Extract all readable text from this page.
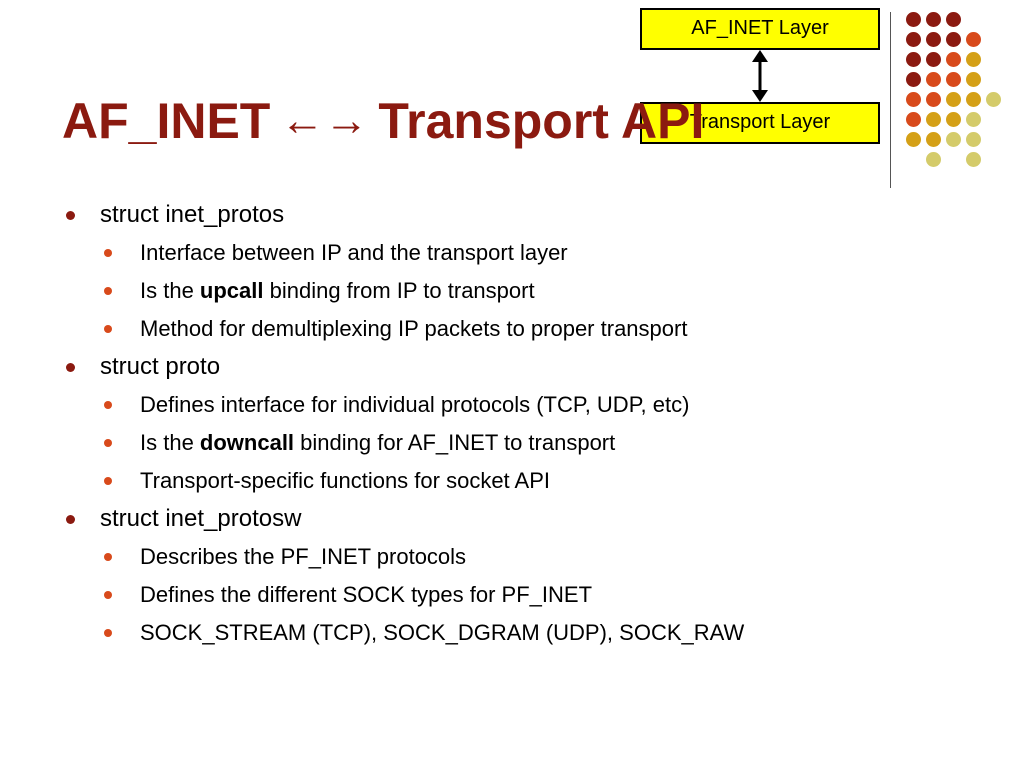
AF_INET Layer
Transport Layer
AF_INET ←→ Transport API
struct inet_protos
Interface between IP and the transport layer
Is the upcall binding from IP to transport
Method for demultiplexing IP packets to proper transport
struct proto
Defines interface for individual protocols (TCP, UDP, etc)
Is the downcall binding for AF_INET to transport
Transport-specific functions for socket API
struct inet_protosw
Describes the PF_INET protocols
Defines the different SOCK types for PF_INET
SOCK_STREAM (TCP), SOCK_DGRAM (UDP), SOCK_RAW
